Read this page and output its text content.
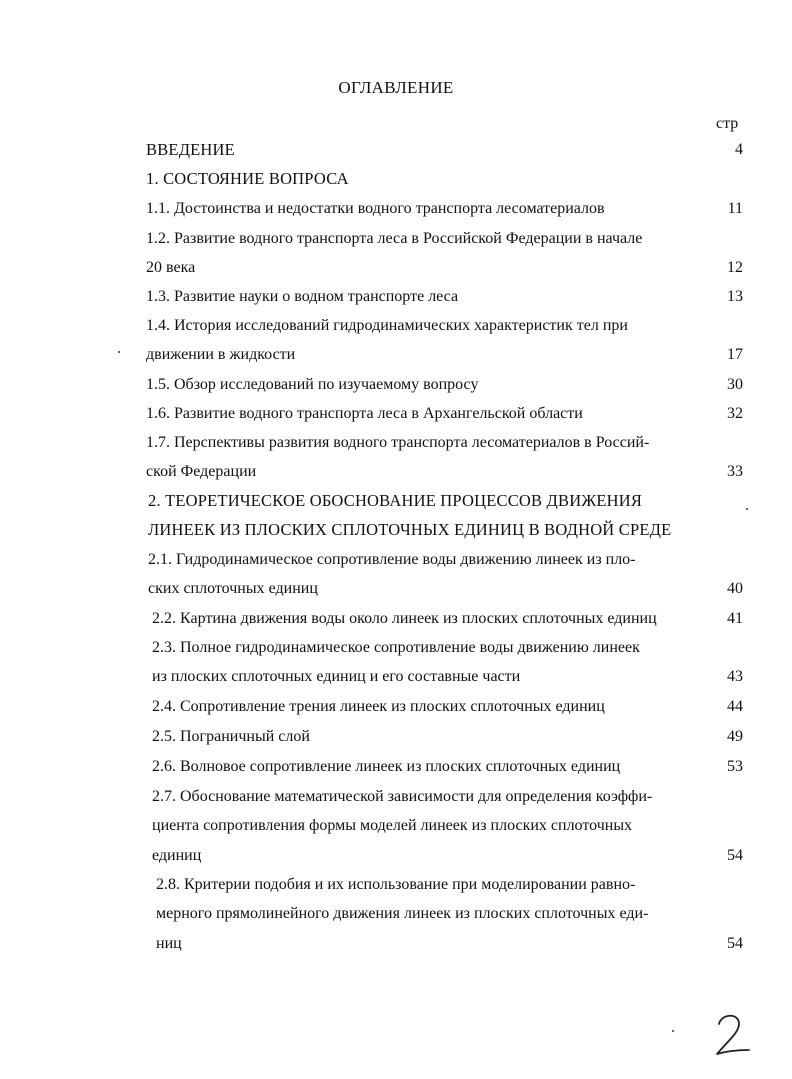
ОГЛАВЛЕНИЕ
стр
ВВЕДЕНИЕ	4
1. СОСТОЯНИЕ ВОПРОСА
1.1. Достоинства и недостатки водного транспорта лесоматериалов	11
1.2. Развитие водного транспорта леса в Российской Федерации в начале
20 века	12
1.3. Развитие науки о водном транспорте леса	13
1.4. История исследований гидродинамических характеристик тел при
движении в жидкости	17
1.5. Обзор исследований по изучаемому вопросу	30
1.6. Развитие водного транспорта леса в Архангельской области	32
1.7. Перспективы развития водного транспорта лесоматериалов в Россий-
ской Федерации	33
2. ТЕОРЕТИЧЕСКОЕ ОБОСНОВАНИЕ ПРОЦЕССОВ ДВИЖЕНИЯ
ЛИНЕЕК ИЗ ПЛОСКИХ СПЛОТОЧНЫХ ЕДИНИЦ В ВОДНОЙ СРЕДЕ
2.1. Гидродинамическое сопротивление воды движению линеек из пло-
ских сплоточных единиц	40
2.2. Картина движения воды около линеек из плоских сплоточных единиц	41
2.3. Полное гидродинамическое сопротивление воды движению линеек
из плоских сплоточных единиц и его составные части	43
2.4. Сопротивление трения линеек из плоских сплоточных единиц	44
2.5. Пограничный слой	49
2.6. Волновое сопротивление линеек из плоских сплоточных единиц	53
2.7. Обоснование математической зависимости для определения коэффи-
циента сопротивления формы моделей линеек из плоских сплоточных
единиц	54
2.8. Критерии подобия и их использование при моделировании равно-
мерного прямолинейного движения линеек из плоских сплоточных еди-
ниц	54
